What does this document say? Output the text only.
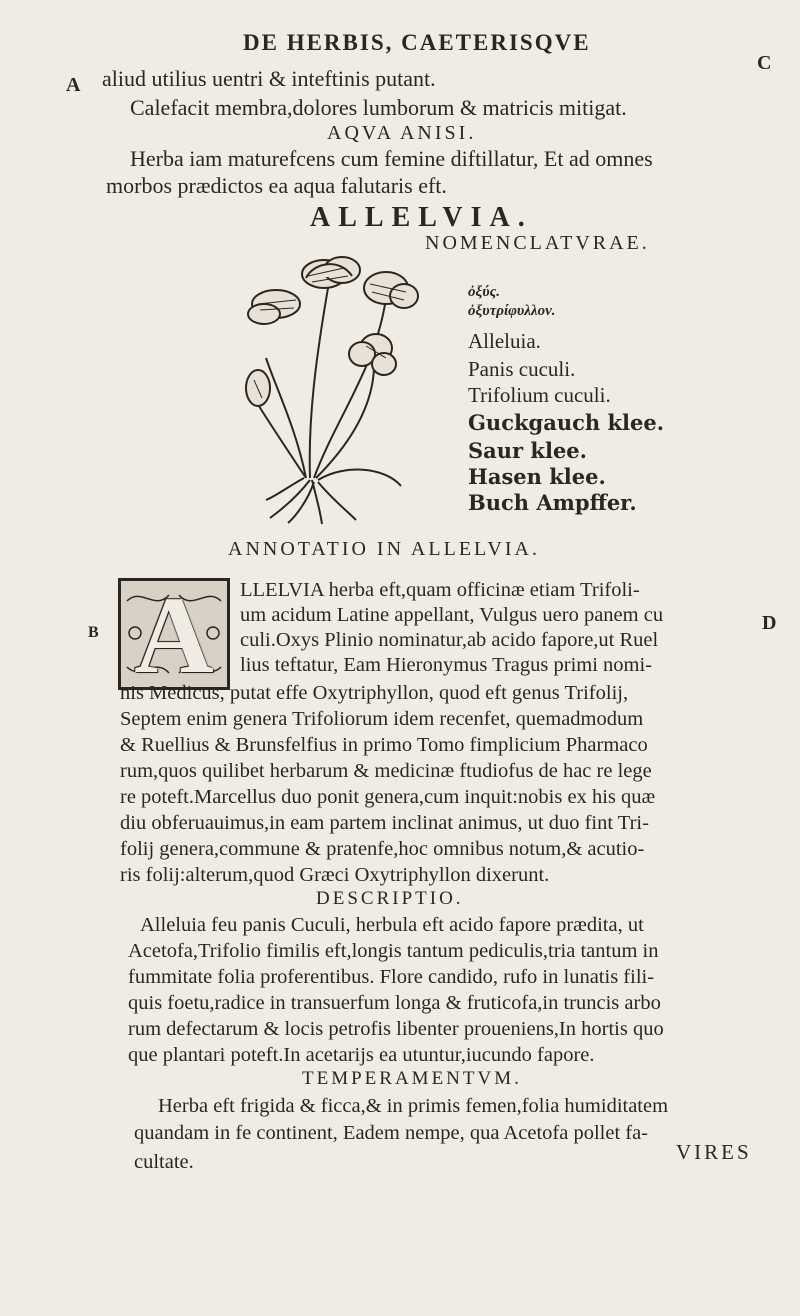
DE HERBIS, CAETERISQVE
A
C
B	D
aliud utilius uentri & inteftinis putant.
Calefacit membra,dolores lumborum & matricis mitigat.
AQVA ANISI.
Herba iam maturefcens cum femine diftillatur, Et ad omnes
morbos prædictos ea aqua falutaris eft.
ALLELVIA.
NOMENCLATVRAE.
ὀξύς.
ὀξυτρίφυλλον.
Alleluia.
Panis cuculi.
Trifolium cuculi.
Guckgauch klee.
Saur klee.
Hasen klee.
Buch Ampffer.
ANNOTATIO IN ALLELVIA.
A	LLELVIA herba eft,quam officinæ etiam Trifoli-
um acidum Latine appellant, Vulgus uero panem cu
culi.Oxys Plinio nominatur,ab acido fapore,ut Ruel
lius teftatur, Eam Hieronymus Tragus primi nomi-
nis Medicus, putat effe Oxytriphyllon, quod eft genus Trifolij,
Septem enim genera Trifoliorum idem recenfet, quemadmodum
& Ruellius & Brunsfelfius in primo Tomo fimplicium Pharmaco
rum,quos quilibet herbarum & medicinæ ftudiofus de hac re lege
re poteft.Marcellus duo ponit genera,cum inquit:nobis ex his quæ
diu obferuauimus,in eam partem inclinat animus, ut duo fint Tri-
folij genera,commune & pratenfe,hoc omnibus notum,& acutio-
ris folij:alterum,quod Græci Oxytriphyllon dixerunt.
DESCRIPTIO.
Alleluia feu panis Cuculi, herbula eft acido fapore prædita, ut
Acetofa,Trifolio fimilis eft,longis tantum pediculis,tria tantum in
fummitate folia proferentibus. Flore candido, rufo in lunatis fili-
quis foetu,radice in transuerfum longa & fruticofa,in truncis arbo
rum defectarum & locis petrofis libenter proueniens,In hortis quo
que plantari poteft.In acetarijs ea utuntur,iucundo fapore.
TEMPERAMENTVM.
Herba eft frigida & ficca,& in primis femen,folia humiditatem
quandam in fe continent, Eadem nempe, qua Acetofa pollet fa-
cultate.	VIRES
